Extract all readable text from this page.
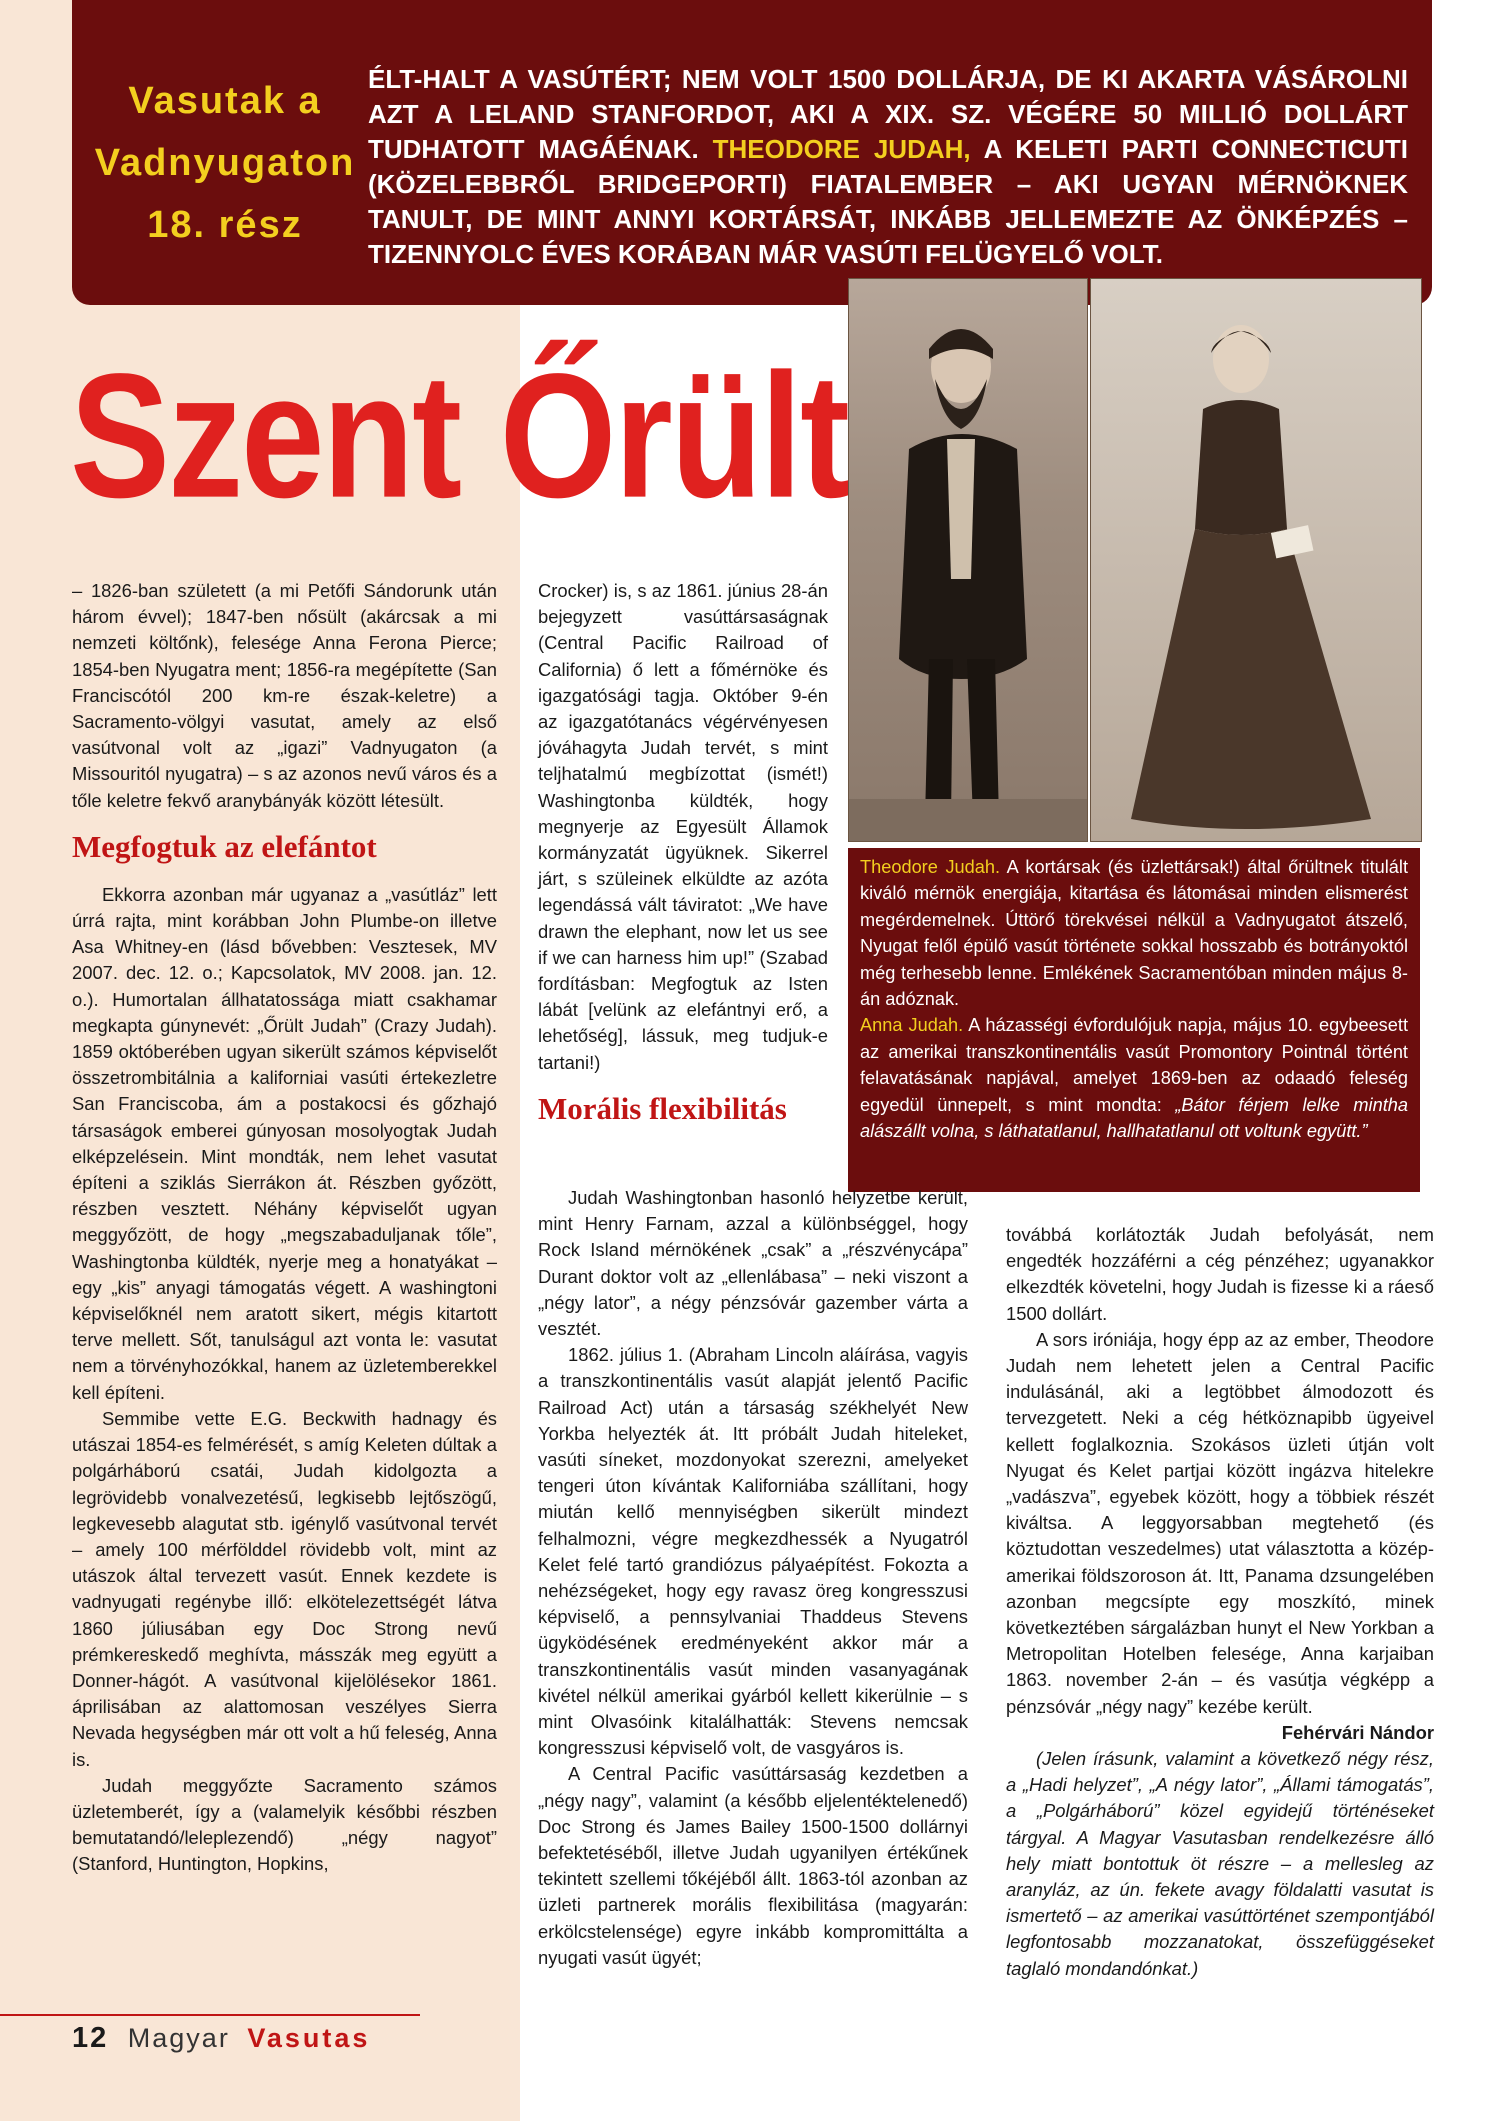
Vasutak a
Vadnyugaton
18. rész
ÉLT-HALT A VASÚTÉRT; NEM VOLT 1500 DOLLÁRJA, DE KI AKARTA VÁSÁROLNI AZT A LELAND STANFORDOT, AKI A XIX. SZ. VÉGÉRE 50 MILLIÓ DOLLÁRT TUDHATOTT MAGÁÉNAK. THEODORE JUDAH, A KELETI PARTI CONNECTICUTI (KÖZELEBBRŐL BRIDGEPORTI) FIATALEMBER – AKI UGYAN MÉRNÖKNEK TANULT, DE MINT ANNYI KORTÁRSÁT, INKÁBB JELLEMEZTE AZ ÖNKÉPZÉS – TIZENNYOLC ÉVES KORÁBAN MÁR VASÚTI FELÜGYELŐ VOLT.
Szent Őrült
Theodore Judah. A kortársak (és üzlettársak!) által őrültnek titulált kiváló mérnök energiája, kitartása és látomásai minden elismerést megérdemelnek. Úttörő törekvései nélkül a Vadnyugatot átszelő, Nyugat felől épülő vasút története sokkal hosszabb és botrányoktól még terhesebb lenne. Emlékének Sacramentóban minden május 8-án adóznak.
Anna Judah. A házasségi évfordulójuk napja, május 10. egybeesett az amerikai transzkontinentális vasút Promontory Pointnál történt felavatásának napjával, amelyet 1869-ben az odaadó feleség egyedül ünnepelt, s mint mondta: „Bátor férjem lelke mintha alászállt volna, s láthatatlanul, hallhatatlanul ott voltunk együtt.”

– 1826-ban született (a mi Petőfi Sándorunk után három évvel); 1847-ben nősült (akárcsak a mi nemzeti költőnk), felesége Anna Ferona Pierce; 1854-ben Nyugatra ment; 1856-ra megépítette (San Franciscótól 200 km-re észak-keletre) a Sacramento-völgyi vasutat, amely az első vasútvonal volt az „igazi” Vadnyugaton (a Missouritól nyugatra) – s az azonos nevű város és a tőle keletre fekvő aranybányák között létesült.

Megfogtuk az elefántot

Ekkorra azonban már ugyanaz a „vasútláz” lett úrrá rajta, mint korábban John Plumbe-on illetve Asa Whitney-en (lásd bővebben: Vesztesek, MV 2007. dec. 12. o.; Kapcsolatok, MV 2008. jan. 12. o.). Humortalan állhatatossága miatt csakhamar megkapta gúnynevét: „Őrült Judah” (Crazy Judah). 1859 októberében ugyan sikerült számos képviselőt összetrombitálnia a kaliforniai vasúti értekezletre San Franciscoba, ám a postakocsi és gőzhajó társaságok emberei gúnyosan mosolyogtak Judah elképzelésein. Mint mondták, nem lehet vasutat építeni a sziklás Sierrákon át. Részben győzött, részben vesztett. Néhány képviselőt ugyan meggyőzött, de hogy „megszabaduljanak tőle”, Washingtonba küldték, nyerje meg a honatyákat – egy „kis” anyagi támogatás végett. A washingtoni képviselőknél nem aratott sikert, mégis kitartott terve mellett. Sőt, tanulságul azt vonta le: vasutat nem a törvényhozókkal, hanem az üzletemberekkel kell építeni.

Semmibe vette E.G. Beckwith hadnagy és utászai 1854-es felmérését, s amíg Keleten dúltak a polgárháború csatái, Judah kidolgozta a legrövidebb vonalvezetésű, legkisebb lejtőszögű, legkevesebb alagutat stb. igénylő vasútvonal tervét – amely 100 mérfölddel rövidebb volt, mint az utászok által tervezett vasút. Ennek kezdete is vadnyugati regénybe illő: elkötelezettségét látva 1860 júliusában egy Doc Strong nevű prémkereskedő meghívta, másszák meg együtt a Donner-hágót. A vasútvonal kijelölésekor 1861. áprilisában az alattomosan veszélyes Sierra Nevada hegységben már ott volt a hű feleség, Anna is.

Judah meggyőzte Sacramento számos üzletemberét, így a (valamelyik későbbi részben bemutatandó/leleplezendő) „négy nagyot” (Stanford, Huntington, Hopkins,

Crocker) is, s az 1861. június 28-án bejegyzett vasúttársaságnak (Central Pacific Railroad of California) ő lett a főmérnöke és igazgatósági tagja. Október 9-én az igazgatótanács végérvényesen jóváhagyta Judah tervét, s mint teljhatalmú megbízottat (ismét!) Washingtonba küldték, hogy megnyerje az Egyesült Államok kormányzatát ügyüknek. Sikerrel járt, s szüleinek elküldte az azóta legendássá vált táviratot: „We have drawn the elephant, now let us see if we can harness him up!” (Szabad fordításban: Megfogtuk az Isten lábát [velünk az elefántnyi erő, a lehetőség], lássuk, meg tudjuk-e tartani!)

Morális flexibilitás

Judah Washingtonban hasonló helyzetbe került, mint Henry Farnam, azzal a különbséggel, hogy Rock Island mérnökének „csak” a „részvénycápa” Durant doktor volt az „ellenlábasa” – neki viszont a „négy lator”, a négy pénzsóvár gazember várta a vesztét.

1862. július 1. (Abraham Lincoln aláírása, vagyis a transzkontinentális vasút alapját jelentő Pacific Railroad Act) után a társaság székhelyét New Yorkba helyezték át. Itt próbált Judah hiteleket, vasúti síneket, mozdonyokat szerezni, amelyeket tengeri úton kívántak Kaliforniába szállítani, hogy miután kellő mennyiségben sikerült mindezt felhalmozni, végre megkezdhessék a Nyugatról Kelet felé tartó grandiózus pályaépítést. Fokozta a nehézségeket, hogy egy ravasz öreg kongresszusi képviselő, a pennsylvaniai Thaddeus Stevens ügyködésének eredményeként akkor már a transzkontinentális vasút minden vasanyagának kivétel nélkül amerikai gyárból kellett kikerülnie – s mint Olvasóink kitalálhatták: Stevens nemcsak kongresszusi képviselő volt, de vasgyáros is.

A Central Pacific vasúttársaság kezdetben a „négy nagy”, valamint (a később eljelentéktelenedő) Doc Strong és James Bailey 1500-1500 dollárnyi befektetéséből, illetve Judah ugyanilyen értékűnek tekintett szellemi tőkéjéből állt. 1863-tól azonban az üzleti partnerek morális flexibilitása (magyarán: erkölcstelensége) egyre inkább kompromittálta a nyugati vasút ügyét;

továbbá korlátozták Judah befolyását, nem engedték hozzáférni a cég pénzéhez; ugyanakkor elkezdték követelni, hogy Judah is fizesse ki a ráeső 1500 dollárt.

A sors iróniája, hogy épp az az ember, Theodore Judah nem lehetett jelen a Central Pacific indulásánál, aki a legtöbbet álmodozott és tervezgetett. Neki a cég hétköznapibb ügyeivel kellett foglalkoznia. Szokásos üzleti útján volt Nyugat és Kelet partjai között ingázva hitelekre „vadászva”, egyebek között, hogy a többiek részét kiváltsa. A leggyorsabban megtehető (és köztudottan veszedelmes) utat választotta a közép-amerikai földszoroson át. Itt, Panama dzsungelében azonban megcsípte egy moszkító, minek következtében sárgalázban hunyt el New Yorkban a Metropolitan Hotelben felesége, Anna karjaiban 1863. november 2-án – és vasútja végképp a pénzsóvár „négy nagy” kezébe került.

Fehérvári Nándor

(Jelen írásunk, valamint a következő négy rész, a „Hadi helyzet”, „A négy lator”, „Állami támogatás”, a „Polgárháború” közel egyidejű történéseket tárgyal. A Magyar Vasutasban rendelkezésre álló hely miatt bontottuk öt részre – a mellesleg az aranyláz, az ún. fekete avagy földalatti vasutat is ismertető – az amerikai vasúttörténet szempontjából legfontosabb mozzanatokat, összefüggéseket taglaló mondandónkat.)

12 Magyar Vasutas
